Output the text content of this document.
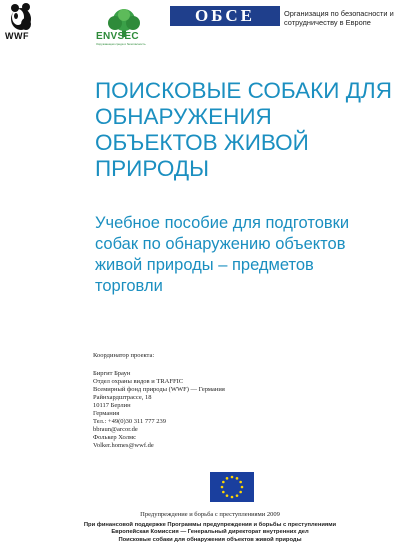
WWF	ENVSEC
Окружающая среда и безопасность
ОБСЕ	Организация по безопасности и сотрудничеству в Европе
ПОИСКОВЫЕ СОБАКИ ДЛЯ ОБНАРУЖЕНИЯ ОБЪЕКТОВ ЖИВОЙ ПРИРОДЫ
Учебное пособие для подготовки собак по обнаружению объектов живой природы – предметов торговли
Координатор проекта:
Биргит Браун
Отдел охраны видов и TRAFFIC
Всемирный фонд природы (WWF) — Германия
Райнхардштрассе, 18
10117 Берлин
Германия
Тел.: +49(0)30 311 777 239
bbraun@arcor.de
Фолькер Холмс
Volker.homes@wwf.de
Предупреждение и борьба с преступлениями 2009
При финансовой поддержке Программы предупреждения и борьбы с преступлениями
Европейская Комиссия — Генеральный директорат внутренних дел
Поисковые собаки для обнаружения объектов живой природы
